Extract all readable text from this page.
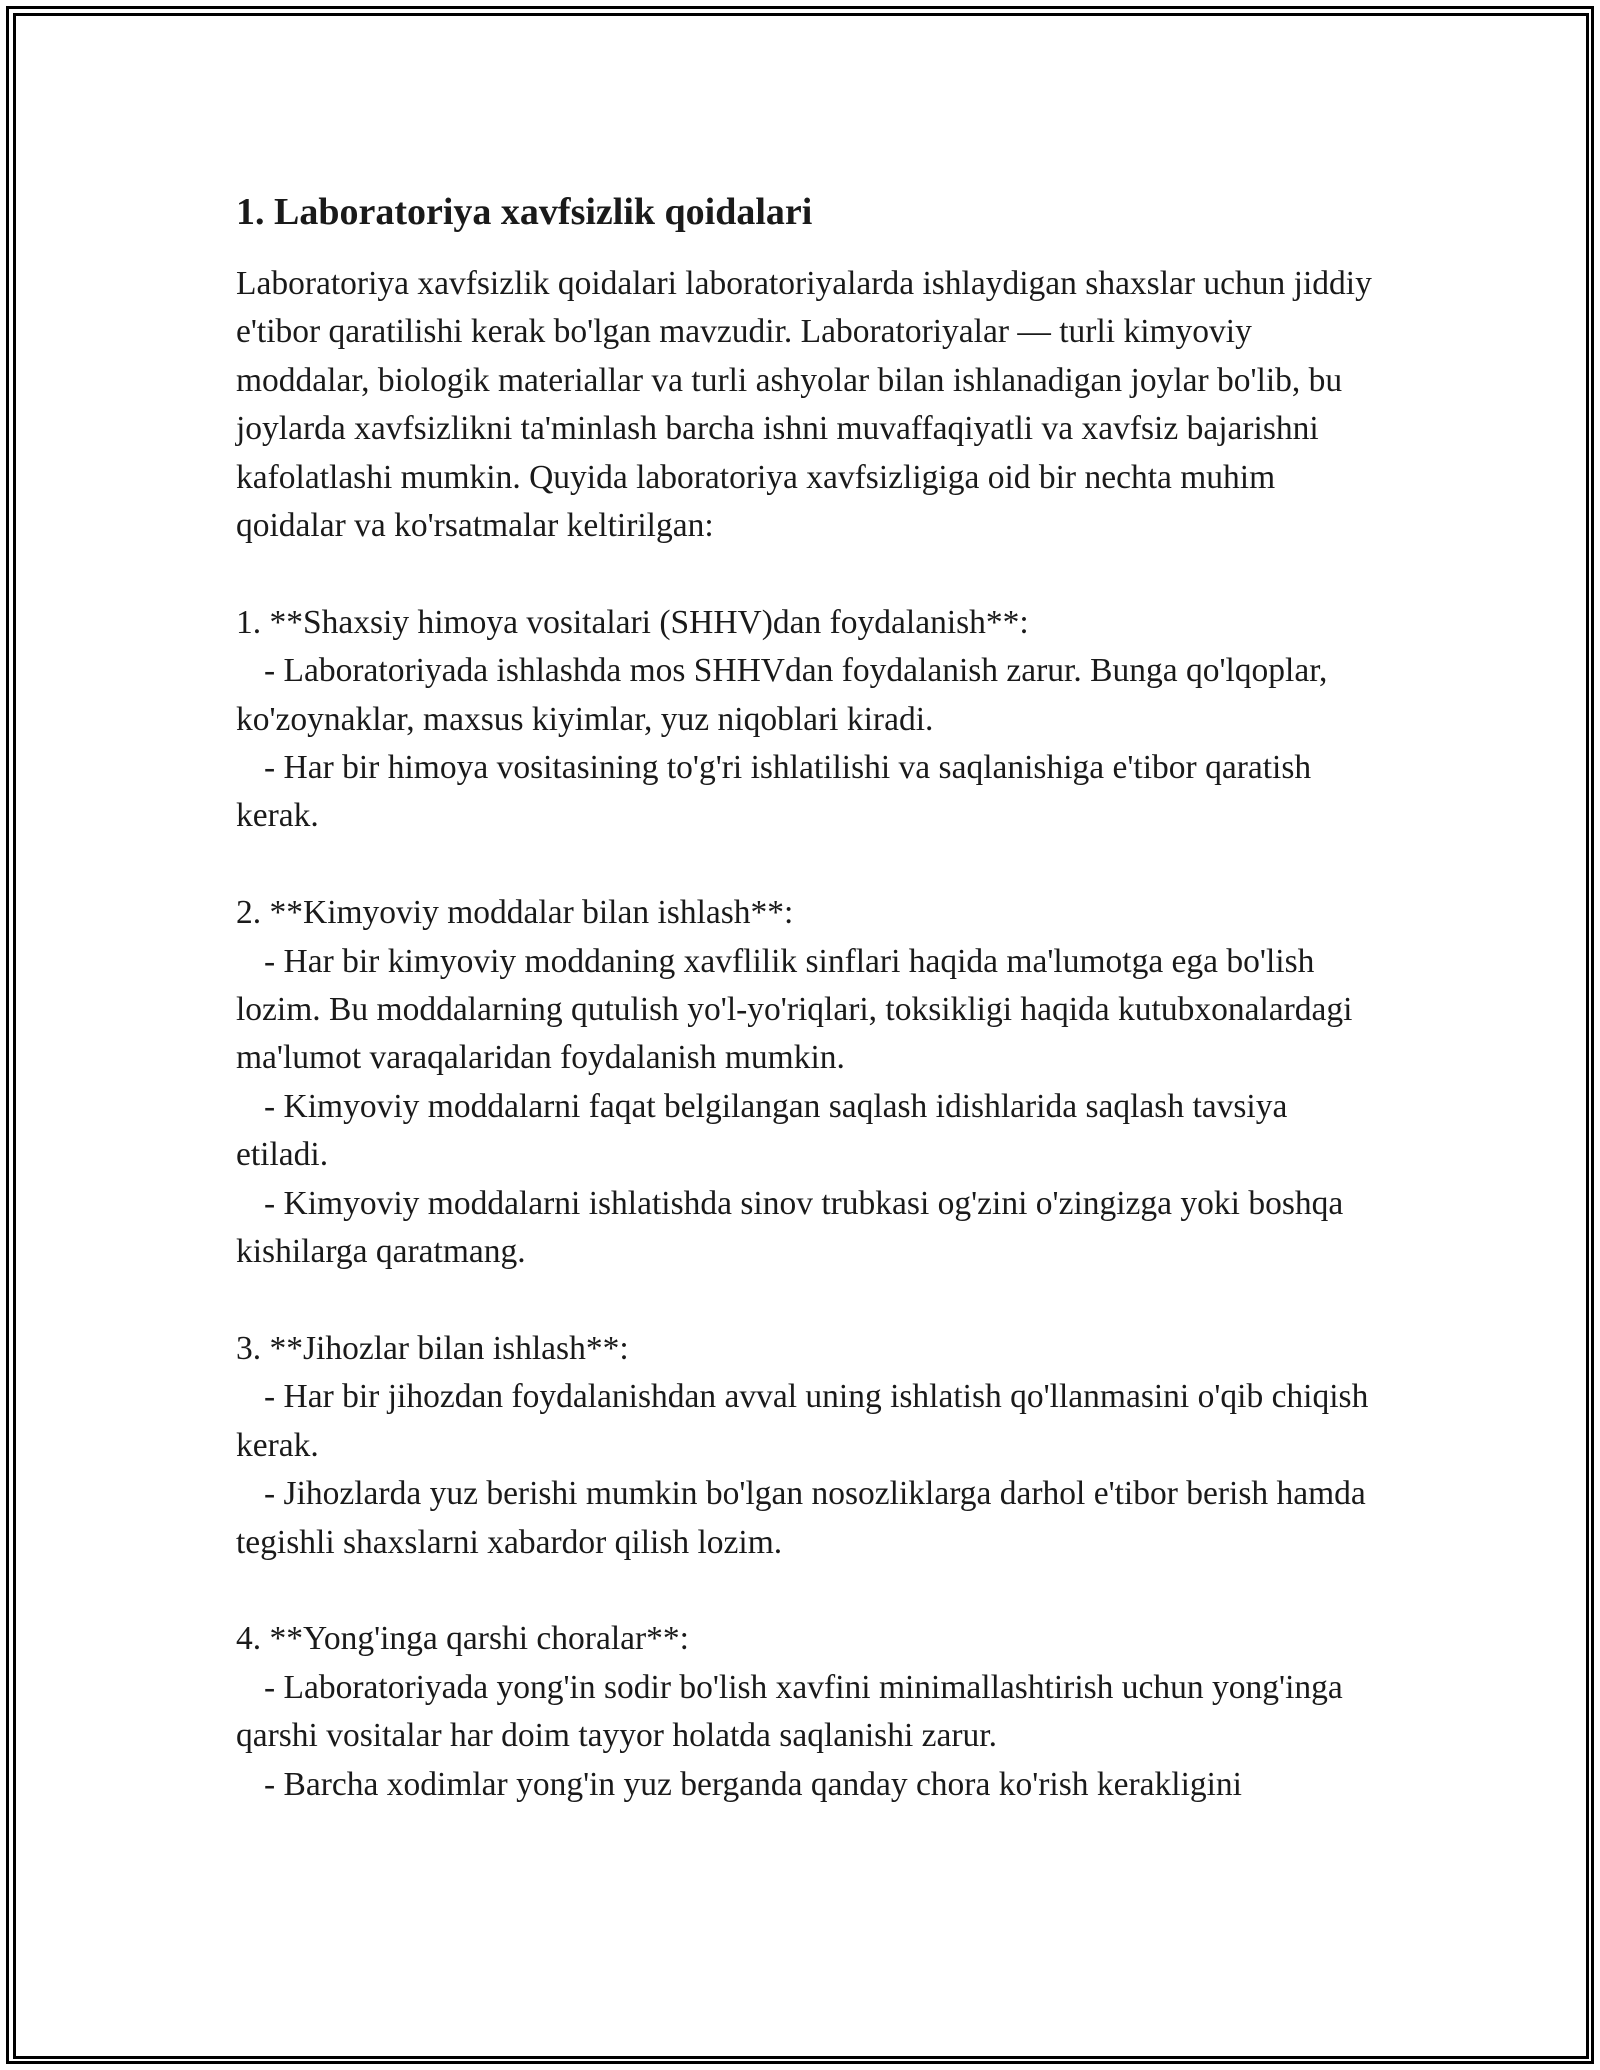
1. Laboratoriya xavfsizlik qoidalari

Laboratoriya xavfsizlik qoidalari laboratoriyalarda ishlaydigan shaxslar uchun jiddiy e'tibor qaratilishi kerak bo'lgan mavzudir. Laboratoriyalar — turli kimyoviy moddalar, biologik materiallar va turli ashyolar bilan ishlanadigan joylar bo'lib, bu joylarda xavfsizlikni ta'minlash barcha ishni muvaffaqiyatli va xavfsiz bajarishni kafolatlashi mumkin. Quyida laboratoriya xavfsizligiga oid bir nechta muhim qoidalar va ko'rsatmalar keltirilgan:

1. **Shaxsiy himoya vositalari (SHHV)dan foydalanish**:

- Laboratoriyada ishlashda mos SHHVdan foydalanish zarur. Bunga qo'lqoplar, ko'zoynaklar, maxsus kiyimlar, yuz niqoblari kiradi.

- Har bir himoya vositasining to'g'ri ishlatilishi va saqlanishiga e'tibor qaratish kerak.

2. **Kimyoviy moddalar bilan ishlash**:

- Har bir kimyoviy moddaning xavflilik sinflari haqida ma'lumotga ega bo'lish lozim. Bu moddalarning qutulish yo'l-yo'riqlari, toksikligi haqida kutubxonalardagi ma'lumot varaqalaridan foydalanish mumkin.

- Kimyoviy moddalarni faqat belgilangan saqlash idishlarida saqlash tavsiya etiladi.

- Kimyoviy moddalarni ishlatishda sinov trubkasi og'zini o'zingizga yoki boshqa kishilarga qaratmang.

3. **Jihozlar bilan ishlash**:

- Har bir jihozdan foydalanishdan avval uning ishlatish qo'llanmasini o'qib chiqish kerak.

- Jihozlarda yuz berishi mumkin bo'lgan nosozliklarga darhol e'tibor berish hamda tegishli shaxslarni xabardor qilish lozim.

4. **Yong'inga qarshi choralar**:

- Laboratoriyada yong'in sodir bo'lish xavfini minimallashtirish uchun yong'inga qarshi vositalar har doim tayyor holatda saqlanishi zarur.

- Barcha xodimlar yong'in yuz berganda qanday chora ko'rish kerakligini
